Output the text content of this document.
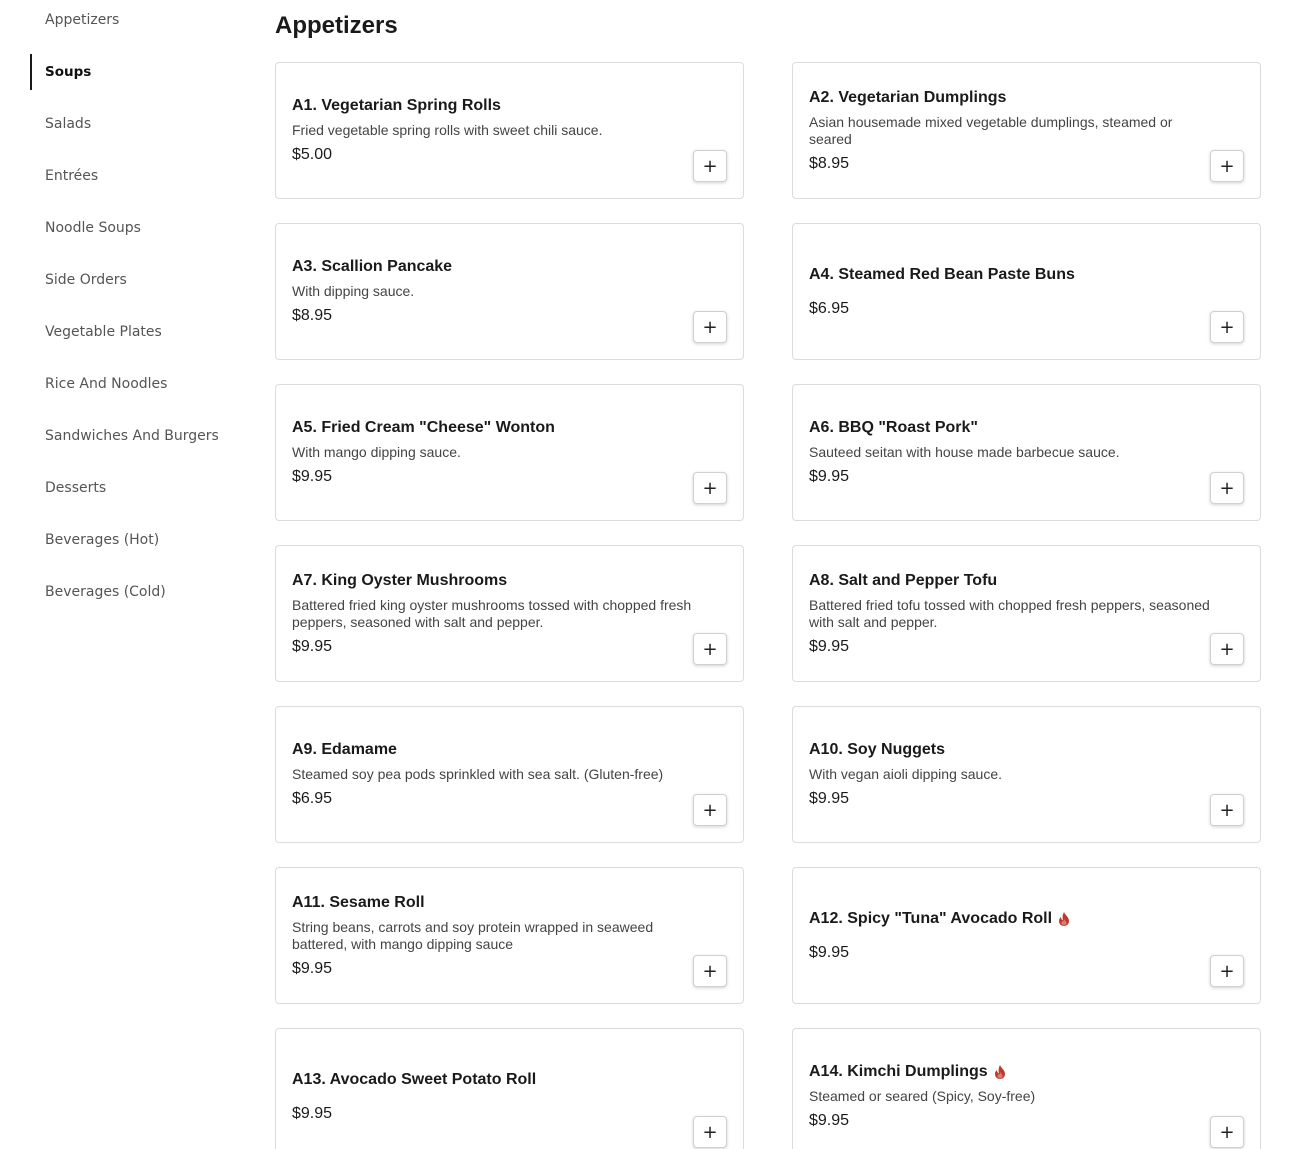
Appetizers
Soups
Salads
Entrées
Noodle Soups
Side Orders
Vegetable Plates
Rice And Noodles
Sandwiches And Burgers
Desserts
Beverages (Hot)
Beverages (Cold)
Appetizers
A1. Vegetarian Spring Rolls
Fried vegetable spring rolls with sweet chili sauce.
$5.00
+
A2. Vegetarian Dumplings
Asian housemade mixed vegetable dumplings, steamed or seared
$8.95	+
A3. Scallion Pancake
With dipping sauce.
$8.95
+
A4. Steamed Red Bean Paste Buns
$6.95
+
A5. Fried Cream "Cheese" Wonton
With mango dipping sauce.
$9.95
+
A6. BBQ "Roast Pork"
Sauteed seitan with house made barbecue sauce.
$9.95
+
A7. King Oyster Mushrooms
Battered fried king oyster mushrooms tossed with chopped fresh peppers, seasoned with salt and pepper.
$9.95	+
A8. Salt and Pepper Tofu
Battered fried tofu tossed with chopped fresh peppers, seasoned with salt and pepper.
$9.95	+
A9. Edamame
Steamed soy pea pods sprinkled with sea salt. (Gluten-free)
$6.95
+
A10. Soy Nuggets
With vegan aioli dipping sauce.
$9.95
+
A11. Sesame Roll
String beans, carrots and soy protein wrapped in seaweed battered, with mango dipping sauce
$9.95	+
A12. Spicy "Tuna" Avocado Roll
$9.95
+
A13. Avocado Sweet Potato Roll
$9.95
+
A14. Kimchi Dumplings
Steamed or seared (Spicy, Soy-free)
$9.95
+
